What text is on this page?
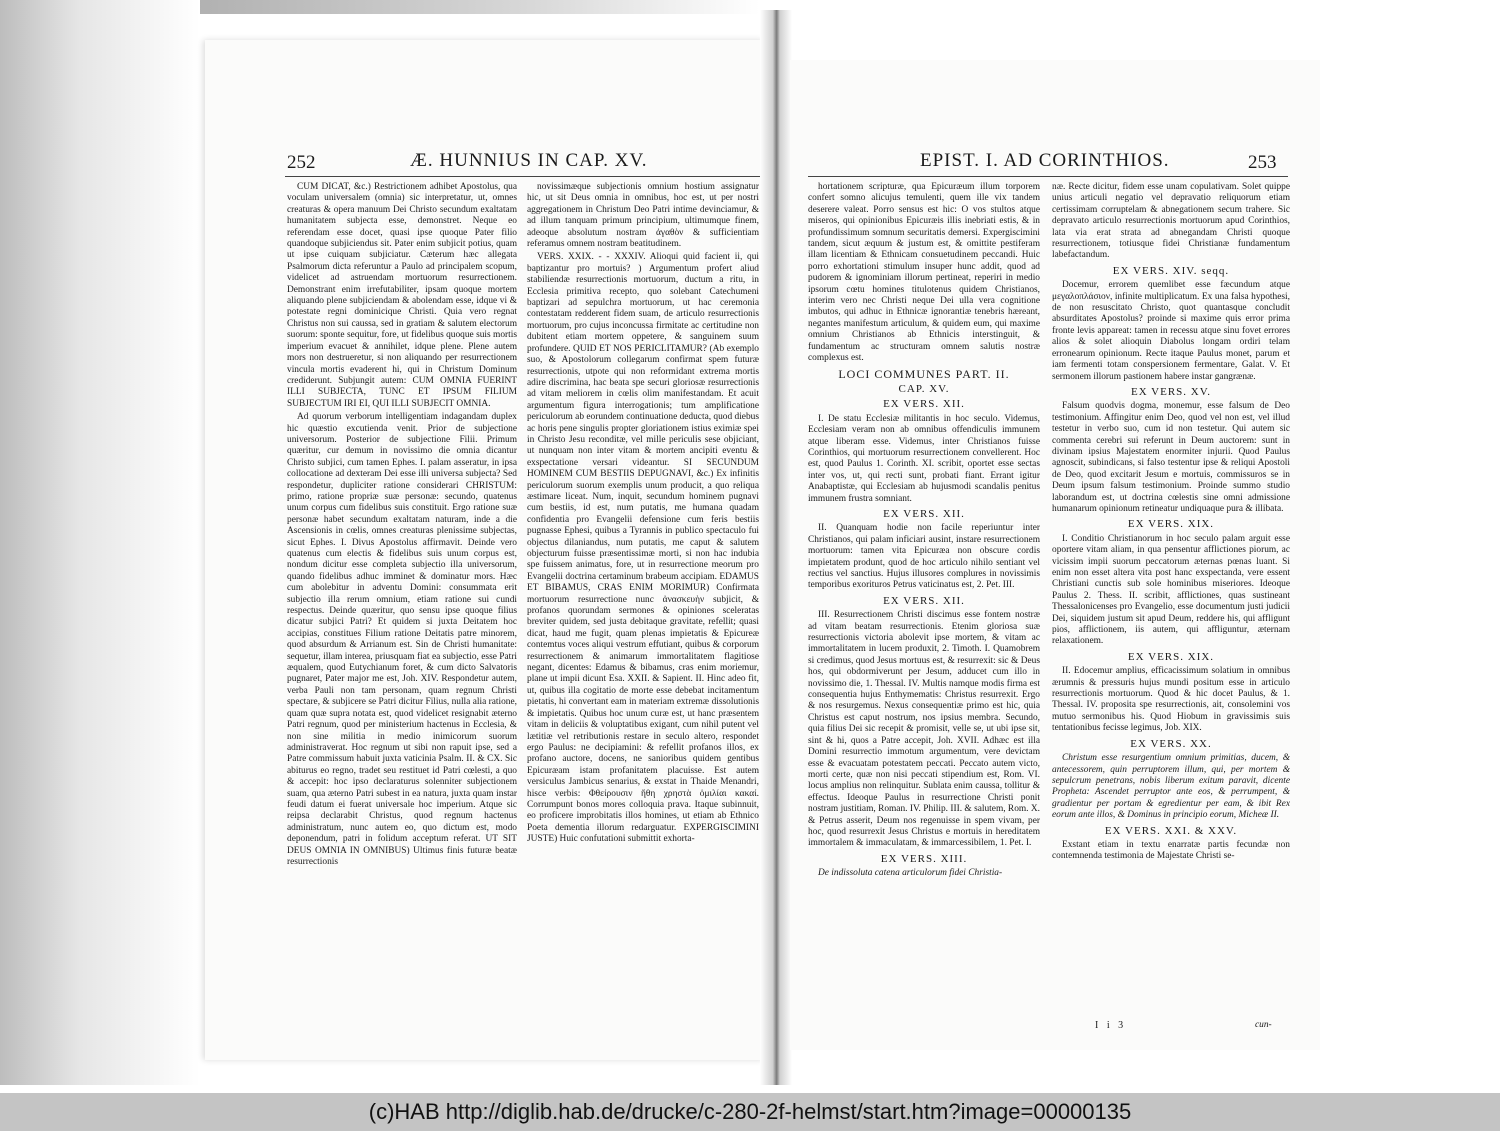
252	Æ. HUNNIUS IN CAP. XV.

CUM DICAT, &c.) Restrictionem adhibet Apostolus, qua voculam universalem (omnia) sic interpretatur, ut, omnes creaturas & opera manuum Dei Christo secundum exaltatam humanitatem subjecta esse, demonstret. Neque eo referendam esse docet, quasi ipse quoque Pater filio quandoque subjiciendus sit. Pater enim subjicit potius, quam ut ipse cuiquam subjiciatur. Cæterum hæc allegata Psalmorum dicta referuntur a Paulo ad principalem scopum, videlicet ad astruendam mortuorum resurrectionem. Demonstrant enim irrefutabiliter, ipsam quoque mortem aliquando plene subjiciendam & abolendam esse, idque vi & potestate regni dominicique Christi. Quia vero regnat Christus non sui caussa, sed in gratiam & salutem electorum suorum: sponte sequitur, fore, ut fidelibus quoque suis mortis imperium evacuet & annihilet, idque plene. Plene autem mors non destrueretur, si non aliquando per resurrectionem vincula mortis evaderent hi, qui in Christum Dominum crediderunt. Subjungit autem: CUM OMNIA FUERINT ILLI SUBJECTA, TUNC ET IPSUM FILIUM SUBJECTUM IRI EI, QUI ILLI SUBJECIT OMNIA.

Ad quorum verborum intelligentiam indagandam duplex hic quæstio excutienda venit. Prior de subjectione universorum. Posterior de subjectione Filii. Primum quæritur, cur demum in novissimo die omnia dicantur Christo subjici, cum tamen Ephes. I. palam asseratur, in ipsa collocatione ad dexteram Dei esse illi universa subjecta? Sed respondetur, dupliciter ratione considerari CHRISTUM: primo, ratione propriæ suæ personæ: secundo, quatenus unum corpus cum fidelibus suis constituit. Ergo ratione suæ personæ habet secundum exaltatam naturam, inde a die Ascensionis in cœlis, omnes creaturas plenissime subjectas, sicut Ephes. I. Divus Apostolus affirmavit. Deinde vero quatenus cum electis & fidelibus suis unum corpus est, nondum dicitur esse completa subjectio illa universorum, quando fidelibus adhuc imminet & dominatur mors. Hæc cum abolebitur in adventu Domini: consummata erit subjectio illa rerum omnium, etiam ratione sui cundi respectus. Deinde quæritur, quo sensu ipse quoque filius dicatur subjici Patri? Et quidem si juxta Deitatem hoc accipias, constitues Filium ratione Deitatis patre minorem, quod absurdum & Arrianum est. Sin de Christi humanitate: sequetur, illam interea, priusquam fiat ea subjectio, esse Patri æqualem, quod Eutychianum foret, & cum dicto Salvatoris pugnaret, Pater major me est, Joh. XIV. Respondetur autem, verba Pauli non tam personam, quam regnum Christi spectare, & subjicere se Patri dicitur Filius, nulla alia ratione, quam quæ supra notata est, quod videlicet resignabit æterno Patri regnum, quod per ministerium hactenus in Ecclesia, & non sine militia in medio inimicorum suorum administraverat. Hoc regnum ut sibi non rapuit ipse, sed a Patre commissum habuit juxta vaticinia Psalm. II. & CX. Sic abiturus eo regno, tradet seu restituet id Patri cœlesti, a quo & accepit: hoc ipso declaraturus solenniter subjectionem suam, qua æterno Patri subest in ea natura, juxta quam instar feudi datum ei fuerat universale hoc imperium. Atque sic reipsa declarabit Christus, quod regnum hactenus administratum, nunc autem eo, quo dictum est, modo deponendum, patri in folidum acceptum referat. UT SIT DEUS OMNIA IN OMNIBUS) Ultimus finis futuræ beatæ resurrectionis

novissimæque subjectionis omnium hostium assignatur hic, ut sit Deus omnia in omnibus, hoc est, ut per nostri aggregationem in Christum Deo Patri intime devinciamur, & ad illum tanquam primum principium, ultimumque finem, adeoque absolutum nostram ἀγαθὸν & sufficientiam referamus omnem nostram beatitudinem.

VERS. XXIX. - - XXXIV. Alioqui quid facient ii, qui baptizantur pro mortuis? ) Argumentum profert aliud stabiliendæ resurrectionis mortuorum, ductum a ritu, in Ecclesia primitiva recepto, quo solebant Catechumeni baptizari ad sepulchra mortuorum, ut hac ceremonia contestatam redderent fidem suam, de articulo resurrectionis mortuorum, pro cujus inconcussa firmitate ac certitudine non dubitent etiam mortem oppetere, & sanguinem suum profundere. QUID ET NOS PERICLITAMUR? (Ab exemplo suo, & Apostolorum collegarum confirmat spem futuræ resurrectionis, utpote qui non reformidant extrema mortis adire discrimina, hac beata spe securi gloriosæ resurrectionis ad vitam meliorem in cœlis olim manifestandam. Et acuit argumentum figura interrogationis; tum amplificatione periculorum ab eorundem continuatione deducta, quod diebus ac horis pene singulis propter gloriationem istius eximiæ spei in Christo Jesu reconditæ, vel mille periculis sese objiciant, ut nunquam non inter vitam & mortem ancipiti eventu & exspectatione versari videantur. SI SECUNDUM HOMINEM CUM BESTIIS DEPUGNAVI, &c.) Ex infinitis periculorum suorum exemplis unum producit, a quo reliqua æstimare liceat. Num, inquit, secundum hominem pugnavi cum bestiis, id est, num putatis, me humana quadam confidentia pro Evangelii defensione cum feris bestiis pugnasse Ephesi, quibus a Tyrannis in publico spectaculo fui objectus dilaniandus, num putatis, me caput & salutem objecturum fuisse præsentissimæ morti, si non hac indubia spe fuissem animatus, fore, ut in resurrectione meorum pro Evangelii doctrina certaminum brabeum accipiam. EDAMUS ET BIBAMUS, CRAS ENIM MORIMUR) Confirmata mortuorum resurrectione nunc ἀνασκευὴν subjicit, & profanos quorundam sermones & opiniones sceleratas breviter quidem, sed justa debitaque gravitate, refellit; quasi dicat, haud me fugit, quam plenas impietatis & Epicureæ contemtus voces aliqui vestrum effutiant, quibus & corporum resurrectionem & animarum immortalitatem flagitiose negant, dicentes: Edamus & bibamus, cras enim moriemur, plane ut impii dicunt Esa. XXII. & Sapient. II. Hinc adeo fit, ut, quibus illa cogitatio de morte esse debebat incitamentum pietatis, hi convertant eam in materiam extremæ dissolutionis & impietatis. Quibus hoc unum curæ est, ut hanc præsentem vitam in deliciis & voluptatibus exigant, cum nihil putent vel lætitiæ vel retributionis restare in seculo altero, respondet ergo Paulus: ne decipiamini: & refellit profanos illos, ex profano auctore, docens, ne sanioribus quidem gentibus Epicuræam istam profanitatem placuisse. Est autem versiculus Jambicus senarius, & exstat in Thaide Menandri, hisce verbis: Φθείρουσιν ἤθη χρηστὰ ὁμιλίαι κακαί. Corrumpunt bonos mores colloquia prava. Itaque subinnuit, eo proficere improbitatis illos homines, ut etiam ab Ethnico Poeta dementia illorum redarguatur. EXPERGISCIMINI JUSTE) Huic confutationi submittit exhorta-

EPIST. I. AD CORINTHIOS.	253

hortationem scripturæ, qua Epicuræum illum torporem confert somno alicujus temulenti, quem ille vix tandem deserere valeat. Porro sensus est hic: O vos stultos atque miseros, qui opinionibus Epicuræis illis inebriati estis, & in profundissimum somnum securitatis demersi. Expergiscimini tandem, sicut æquum & justum est, & omittite pestiferam illam licentiam & Ethnicam consuetudinem peccandi. Huic porro exhortationi stimulum insuper hunc addit, quod ad pudorem & ignominiam illorum pertineat, reperiri in medio ipsorum cœtu homines titulotenus quidem Christianos, interim vero nec Christi neque Dei ulla vera cognitione imbutos, qui adhuc in Ethnicæ ignorantiæ tenebris hæreant, negantes manifestum articulum, & quidem eum, qui maxime omnium Christianos ab Ethnicis interstinguit, & fundamentum ac structuram omnem salutis nostræ complexus est.

LOCI COMMUNES PART. II.
CAP. XV.
EX VERS. XII.

I. De statu Ecclesiæ militantis in hoc seculo. Videmus, Ecclesiam veram non ab omnibus offendiculis immunem atque liberam esse. Videmus, inter Christianos fuisse Corinthios, qui mortuorum resurrectionem convellerent. Hoc est, quod Paulus 1. Corinth. XI. scribit, oportet esse sectas inter vos, ut, qui recti sunt, probati fiant. Errant igitur Anabaptistæ, qui Ecclesiam ab hujusmodi scandalis penitus immunem frustra somniant.

EX VERS. XII.

II. Quanquam hodie non facile reperiuntur inter Christianos, qui palam inficiari ausint, instare resurrectionem mortuorum: tamen vita Epicuræa non obscure cordis impietatem produnt, quod de hoc articulo nihilo sentiant vel rectius vel sanctius. Hujus illusores complures in novissimis temporibus exorituros Petrus vaticinatus est, 2. Pet. III.

EX VERS. XII.

III. Resurrectionem Christi discimus esse fontem nostræ ad vitam beatam resurrectionis. Etenim gloriosa suæ resurrectionis victoria abolevit ipse mortem, & vitam ac immortalitatem in lucem produxit, 2. Timoth. I. Quamobrem si credimus, quod Jesus mortuus est, & resurrexit: sic & Deus hos, qui obdormiverunt per Jesum, adducet cum illo in novissimo die, 1. Thessal. IV. Multis namque modis firma est consequentia hujus Enthymematis: Christus resurrexit. Ergo & nos resurgemus. Nexus consequentiæ primo est hic, quia Christus est caput nostrum, nos ipsius membra. Secundo, quia filius Dei sic recepit & promisit, velle se, ut ubi ipse sit, sint & hi, quos a Patre accepit, Joh. XVII. Adhæc est illa Domini resurrectio immotum argumentum, vere devictam esse & evacuatam potestatem peccati. Peccato autem victo, morti certe, quæ non nisi peccati stipendium est, Rom. VI. locus amplius non relinquitur. Sublata enim caussa, tollitur & effectus. Ideoque Paulus in resurrectione Christi ponit nostram justitiam, Roman. IV. Philip. III. & salutem, Rom. X. & Petrus asserit, Deum nos regenuisse in spem vivam, per hoc, quod resurrexit Jesus Christus e mortuis in hereditatem immortalem & immaculatam, & immarcessibilem, 1. Pet. I.

EX VERS. XIII.

De indissoluta catena articulorum fidei Christia-

næ. Recte dicitur, fidem esse unam copulativam. Solet quippe unius articuli negatio vel depravatio reliquorum etiam certissimam corruptelam & abnegationem secum trahere. Sic depravato articulo resurrectionis mortuorum apud Corinthios, lata via erat strata ad abnegandam Christi quoque resurrectionem, totiusque fidei Christianæ fundamentum labefactandum.

EX VERS. XIV. seqq.

Docemur, errorem quemlibet esse fæcundum atque μεγαλοπλάσιον, infinite multiplicatum. Ex una falsa hypothesi, de non resuscitato Christo, quot quantasque concludit absurditates Apostolus? proinde si maxime quis error prima fronte levis appareat: tamen in recessu atque sinu fovet errores alios & solet alioquin Diabolus longam ordiri telam erronearum opinionum. Recte itaque Paulus monet, parum et iam fermenti totam conspersionem fermentare, Galat. V. Et sermonem illorum pastionem habere instar gangrænæ.

EX VERS. XV.

Falsum quodvis dogma, monemur, esse falsum de Deo testimonium. Affingitur enim Deo, quod vel non est, vel illud testetur in verbo suo, cum id non testetur. Qui autem sic commenta cerebri sui referunt in Deum auctorem: sunt in divinam ipsius Majestatem enormiter injurii. Quod Paulus agnoscit, subindicans, si falso testentur ipse & reliqui Apostoli de Deo, quod excitarit Jesum e mortuis, commissuros se in Deum ipsum falsum testimonium. Proinde summo studio laborandum est, ut doctrina cœlestis sine omni admissione humanarum opinionum retineatur undiquaque pura & illibata.

EX VERS. XIX.

I. Conditio Christianorum in hoc seculo palam arguit esse oportere vitam aliam, in qua pensentur afflictiones piorum, ac vicissim impii suorum peccatorum æternas pœnas luant. Si enim non esset altera vita post hanc exspectanda, vere essent Christiani cunctis sub sole hominibus miseriores. Ideoque Paulus 2. Thess. II. scribit, afflictiones, quas sustineant Thessalonicenses pro Evangelio, esse documentum justi judicii Dei, siquidem justum sit apud Deum, reddere his, qui affligunt pios, afflictionem, iis autem, qui affliguntur, æternam relaxationem.

EX VERS. XIX.

II. Edocemur amplius, efficacissimum solatium in omnibus ærumnis & pressuris hujus mundi positum esse in articulo resurrectionis mortuorum. Quod & hic docet Paulus, & 1. Thessal. IV. proposita spe resurrectionis, ait, consolemini vos mutuo sermonibus his. Quod Hiobum in gravissimis suis tentationibus fecisse legimus, Job. XIX.

EX VERS. XX.

Christum esse resurgentium omnium primitias, ducem, & antecessorem, quin perruptorem illum, qui, per mortem & sepulcrum penetrans, nobis liberum exitum paravit, dicente Propheta: Ascendet perruptor ante eos, & perrumpent, & gradientur per portam & egredientur per eam, & ibit Rex eorum ante illos, & Dominus in principio eorum, Micheæ II.

EX VERS. XXI. & XXV.

Exstant etiam in textu enarratæ partis fecundæ non contemnenda testimonia de Majestate Christi se-

I i 3	cun-
(c)HAB http://diglib.hab.de/drucke/c-280-2f-helmst/start.htm?image=00000135
